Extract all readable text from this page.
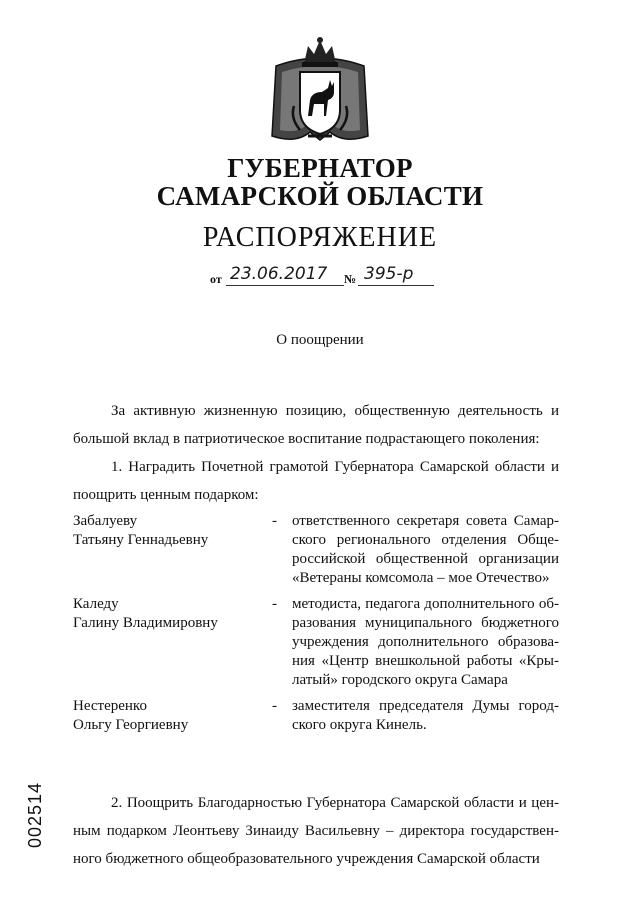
ГУБЕРНАТОР
САМАРСКОЙ ОБЛАСТИ
РАСПОРЯЖЕНИЕ
от 23.06.2017 № 395-р
О поощрении
За активную жизненную позицию, общественную деятельность и
большой вклад в патриотическое воспитание подрастающего поколения:
1. Наградить Почетной грамотой Губернатора Самарской области и
поощрить ценным подарком:
Забалуеву
Татьяну Геннадьевну
- ответственного секретаря совета Самар-
ского регионального отделения Обще-
российской общественной организации
«Ветераны комсомола – мое Отечество»
Каледу
Галину Владимировну
- методиста, педагога дополнительного об-
разования муниципального бюджетного
учреждения дополнительного образова-
ния «Центр внешкольной работы «Кры-
латый» городского округа Самара
Нестеренко
Ольгу Георгиевну
- заместителя председателя Думы город-
ского округа Кинель.
2. Поощрить Благодарностью Губернатора Самарской области и цен-
ным подарком Леонтьеву Зинаиду Васильевну – директора государствен-
ного бюджетного общеобразовательного учреждения Самарской области
002514
